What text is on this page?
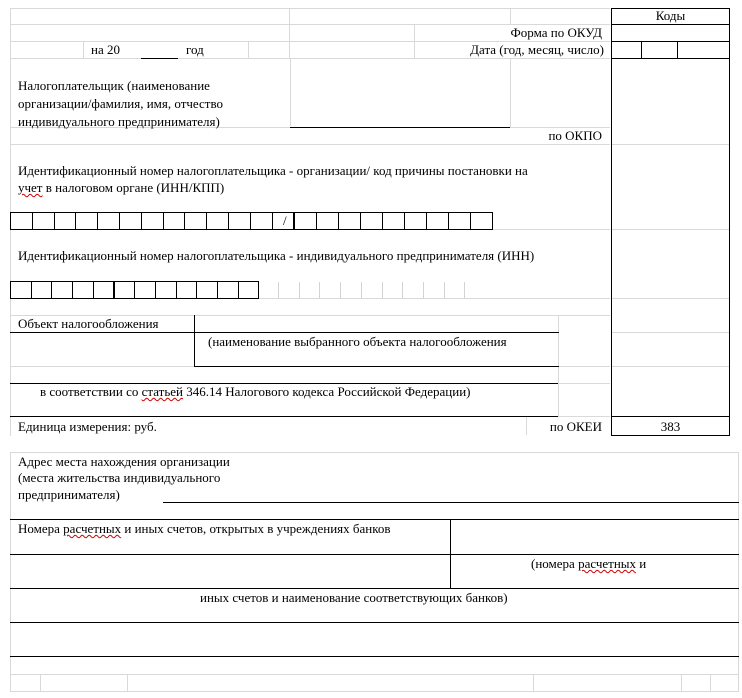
Коды
Форма по ОКУД
Дата (год, месяц, число)
по ОКПО
на 20	год
Налогоплательщик (наименование организации/фамилия, имя, отчество индивидуального предпринимателя)
Идентификационный номер налогоплательщика - организации/ код причины постановки на
учет в налоговом органе (ИНН/КПП)
/
Идентификационный номер налогоплательщика - индивидуального предпринимателя (ИНН)
Объект налогообложения
(наименование выбранного объекта налогообложения
в соответствии со статьей 346.14 Налогового кодекса Российской Федерации)
Единица измерения: руб.	по ОКЕИ	383
Адрес места нахождения организации
(места жительства индивидуального
предпринимателя)
Номера расчетных и иных счетов, открытых в учреждениях банков
(номера расчетных и
иных счетов и наименование соответствующих банков)
